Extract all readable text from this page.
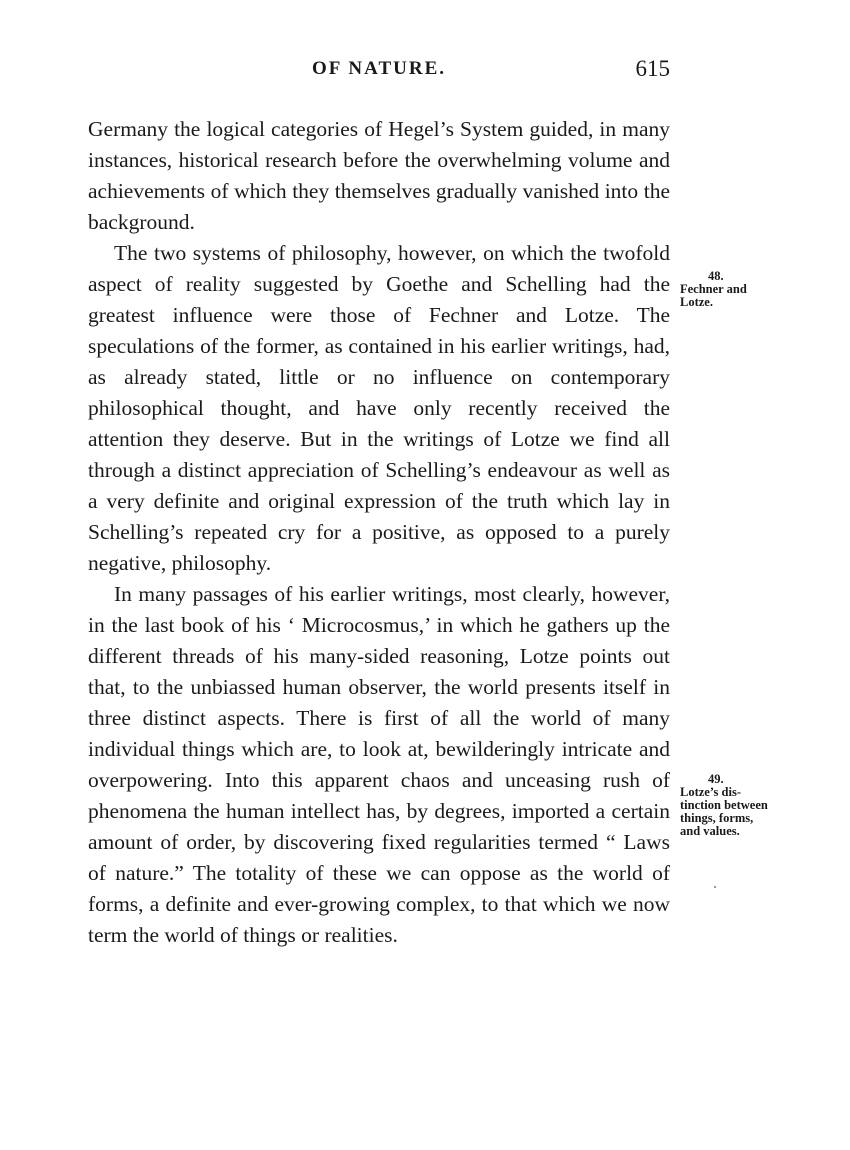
OF NATURE.	615

Germany the logical categories of Hegel’s System guided, in many instances, historical research before the overwhelming volume and achievements of which they themselves gradually vanished into the background.

The two systems of philosophy, however, on which the twofold aspect of reality suggested by Goethe and Schelling had the greatest influence were those of Fechner and Lotze. The speculations of the former, as contained in his earlier writings, had, as already stated, little or no influence on contemporary philosophical thought, and have only recently received the attention they deserve. But in the writings of Lotze we find all through a distinct appreciation of Schelling’s endeavour as well as a very definite and original expression of the truth which lay in Schelling’s repeated cry for a positive, as opposed to a purely negative, philosophy.

In many passages of his earlier writings, most clearly, however, in the last book of his ‘ Microcosmus,’ in which he gathers up the different threads of his many-sided reasoning, Lotze points out that, to the unbiassed human observer, the world presents itself in three distinct aspects. There is first of all the world of many individual things which are, to look at, bewilderingly intricate and overpowering. Into this apparent chaos and unceasing rush of phenomena the human intellect has, by degrees, imported a certain amount of order, by discovering fixed regularities termed “ Laws of nature.” The totality of these we can oppose as the world of forms, a definite and ever-growing complex, to that which we now term the world of things or realities.

48.
Fechner and Lotze.
49.
Lotze’s distinction between things, forms, and values.
